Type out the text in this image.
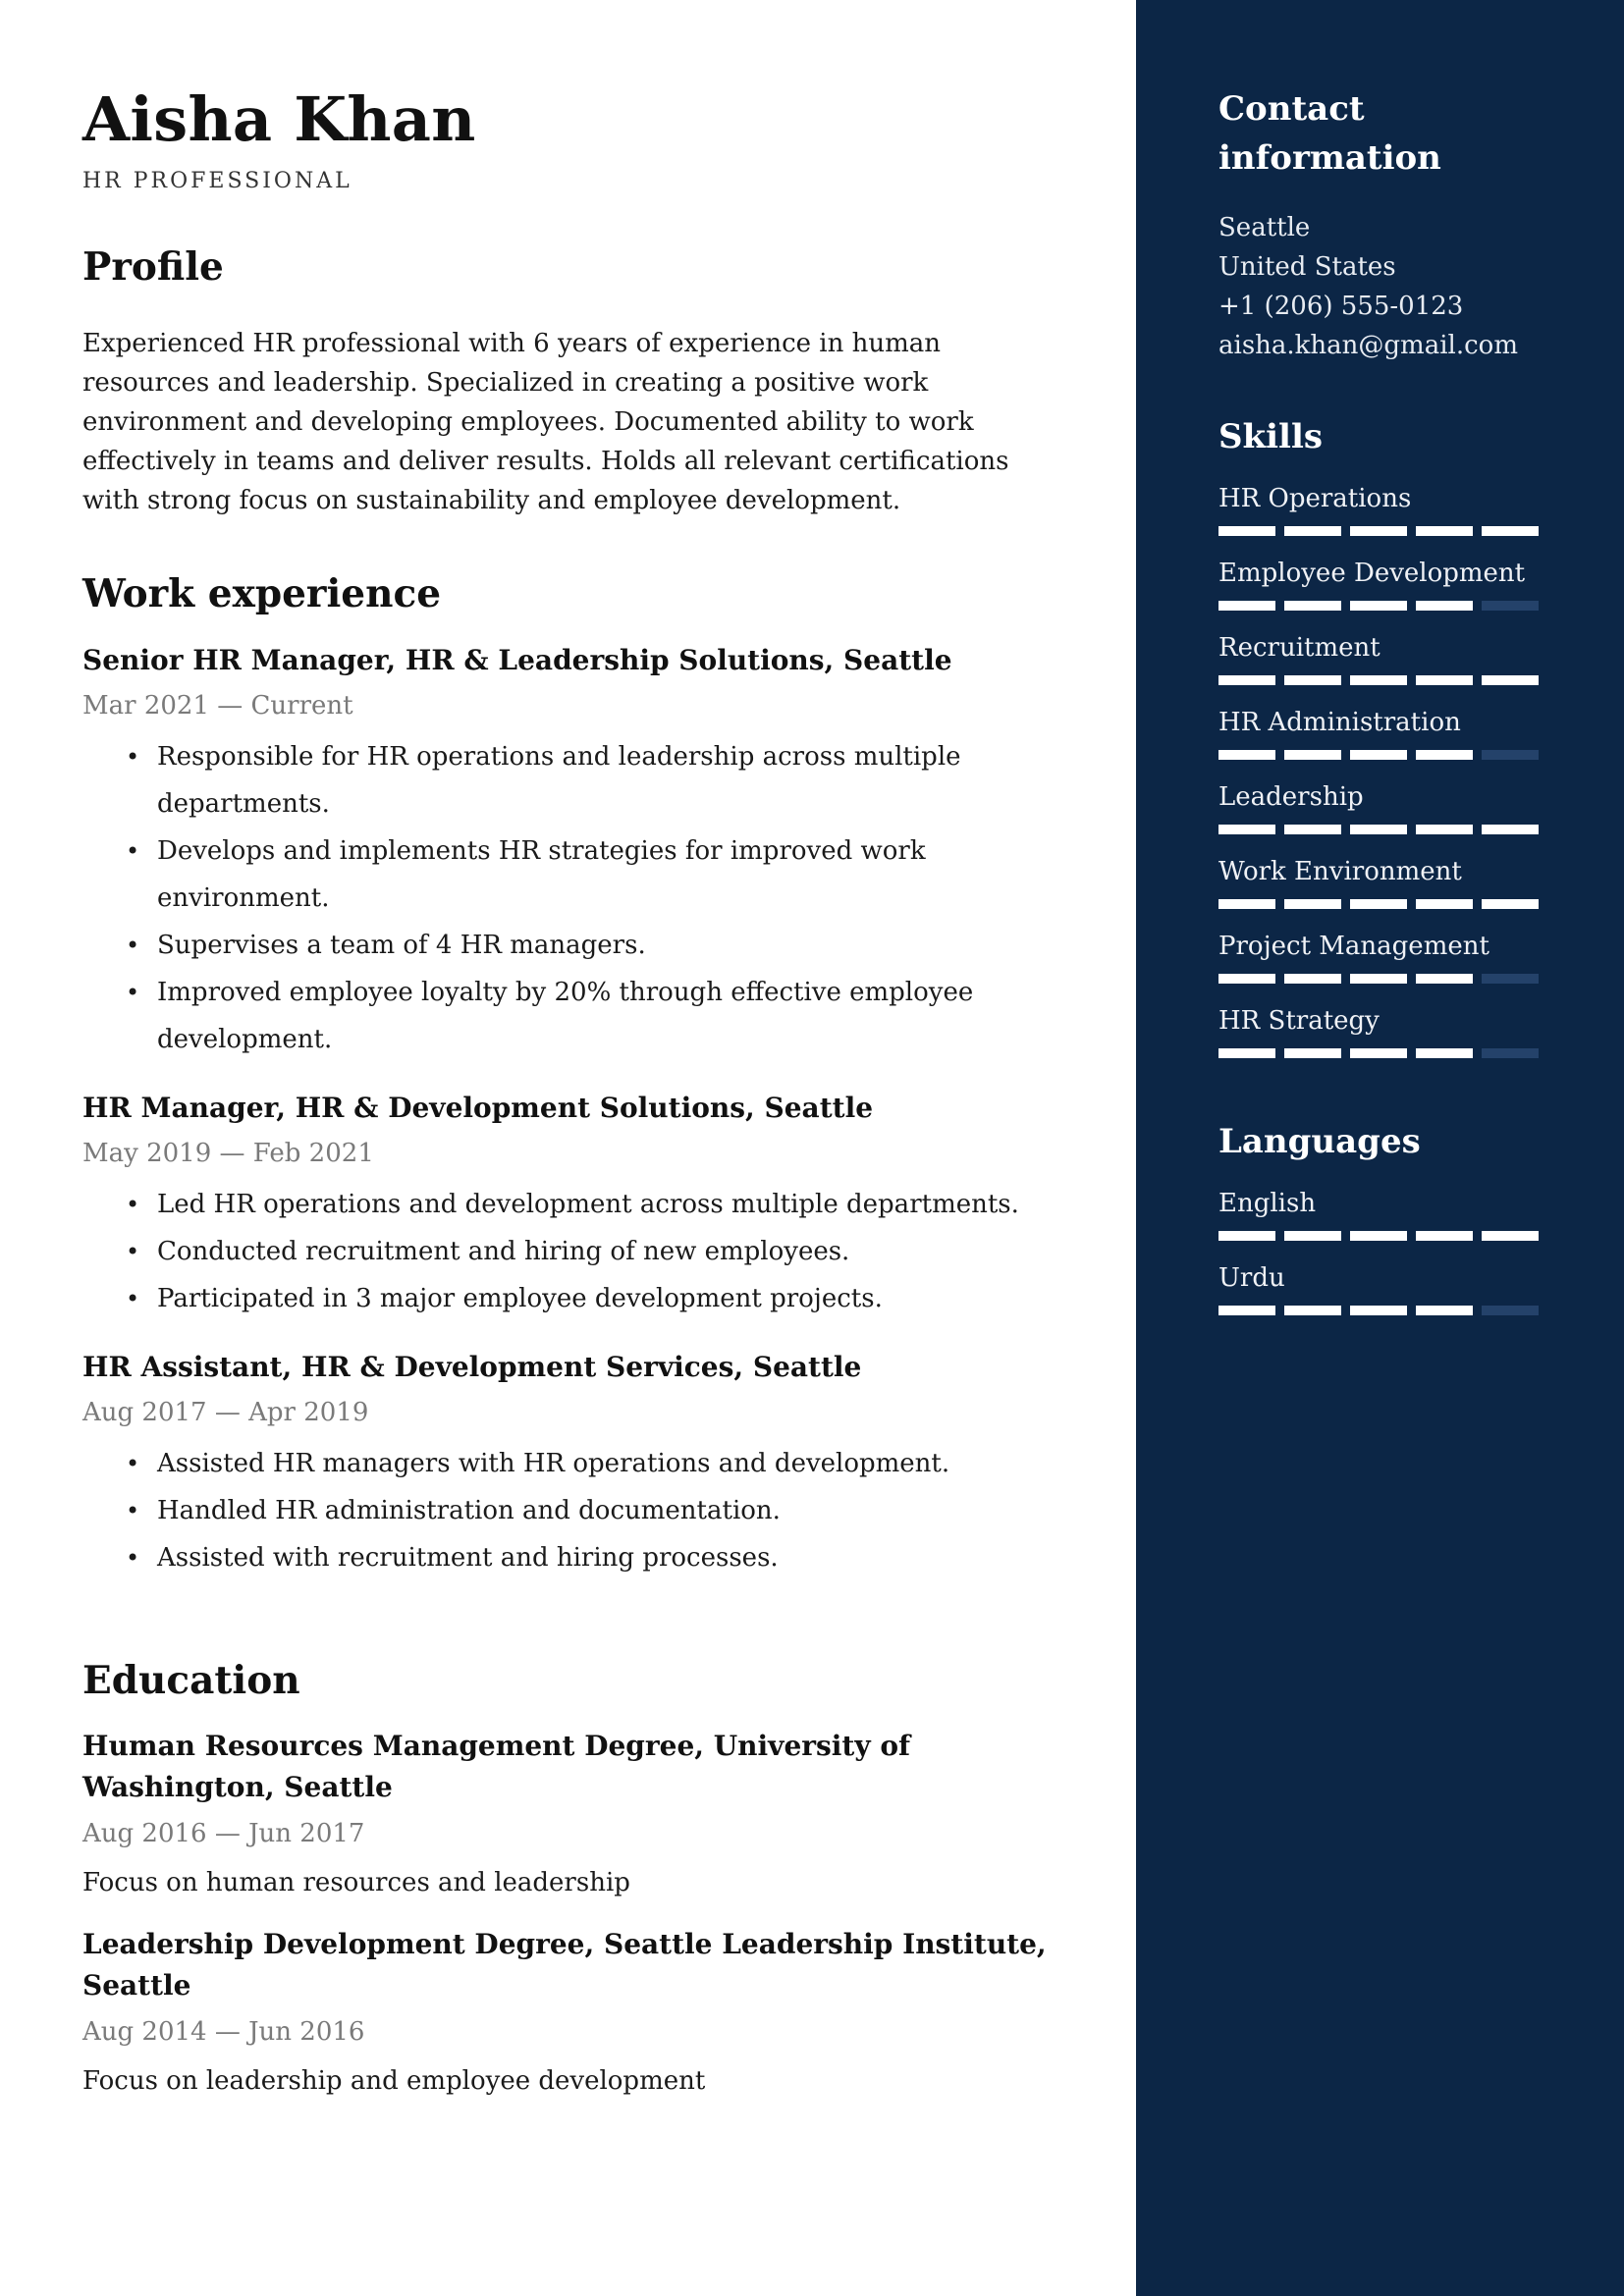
Aisha Khan
HR PROFESSIONAL
Profile
Experienced HR professional with 6 years of experience in human resources and leadership. Specialized in creating a positive work environment and developing employees. Documented ability to work effectively in teams and deliver results. Holds all relevant certifications with strong focus on sustainability and employee development.
Work experience
Senior HR Manager, HR & Leadership Solutions, Seattle
Mar 2021 — Current
• Responsible for HR operations and leadership across multiple departments.
• Develops and implements HR strategies for improved work environment.
• Supervises a team of 4 HR managers.
• Improved employee loyalty by 20% through effective employee development.
HR Manager, HR & Development Solutions, Seattle
May 2019 — Feb 2021
• Led HR operations and development across multiple departments.
• Conducted recruitment and hiring of new employees.
• Participated in 3 major employee development projects.
HR Assistant, HR & Development Services, Seattle
Aug 2017 — Apr 2019
• Assisted HR managers with HR operations and development.
• Handled HR administration and documentation.
• Assisted with recruitment and hiring processes.
Education
Human Resources Management Degree, University of Washington, Seattle
Aug 2016 — Jun 2017
Focus on human resources and leadership
Leadership Development Degree, Seattle Leadership Institute, Seattle
Aug 2014 — Jun 2016
Focus on leadership and employee development
Contact information
Seattle
United States
+1 (206) 555-0123
aisha.khan@gmail.com
Skills
HR Operations
Employee Development
Recruitment
HR Administration
Leadership
Work Environment
Project Management
HR Strategy
Languages
English
Urdu
